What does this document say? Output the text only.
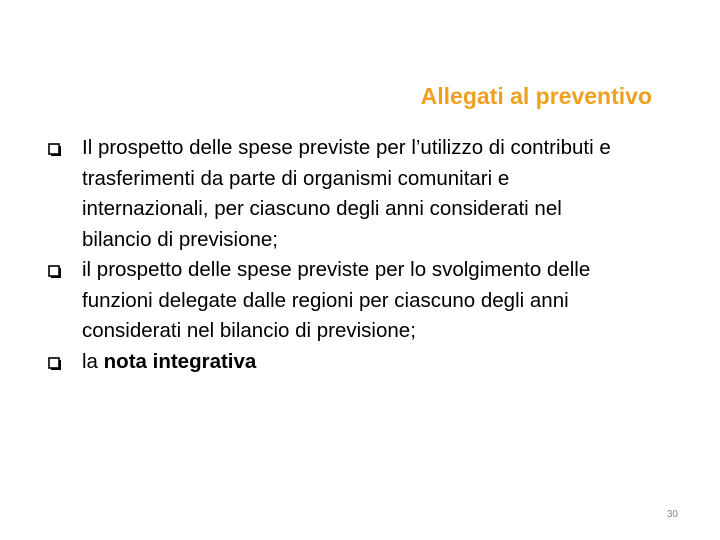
Allegati al preventivo
Il prospetto delle spese previste per l’utilizzo di contributi e trasferimenti da parte di organismi comunitari e internazionali, per ciascuno degli anni considerati nel bilancio di previsione;
il prospetto delle spese previste per lo svolgimento delle funzioni delegate dalle regioni per ciascuno degli anni considerati nel bilancio di previsione;
la nota integrativa
30
